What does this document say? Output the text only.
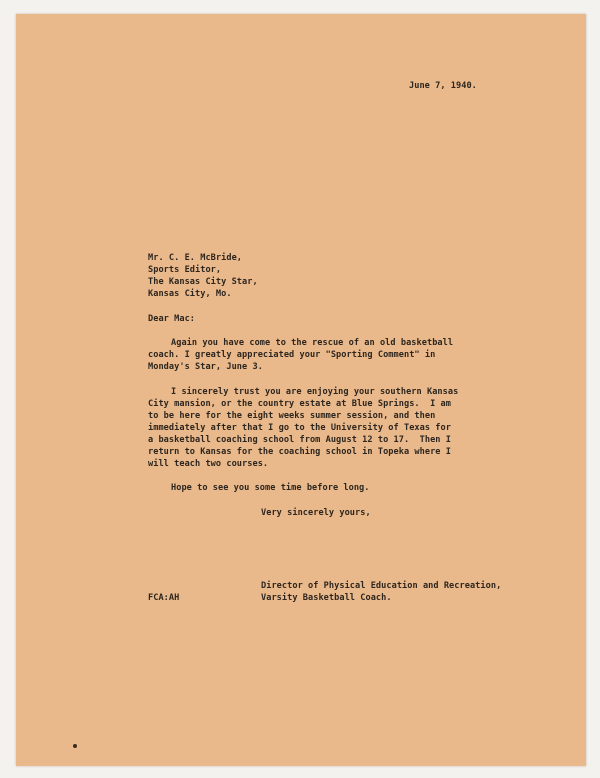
June 7, 1940.
Mr. C. E. McBride,
Sports Editor,
The Kansas City Star,
Kansas City, Mo.
Dear Mac:
Again you have come to the rescue of an old basketball
coach. I greatly appreciated your "Sporting Comment" in
Monday's Star, June 3.
I sincerely trust you are enjoying your southern Kansas
City mansion, or the country estate at Blue Springs.  I am
to be here for the eight weeks summer session, and then
immediately after that I go to the University of Texas for
a basketball coaching school from August 12 to 17.  Then I
return to Kansas for the coaching school in Topeka where I
will teach two courses.
Hope to see you some time before long.
Very sincerely yours,
Director of Physical Education and Recreation,
FCA:AH	Varsity Basketball Coach.
